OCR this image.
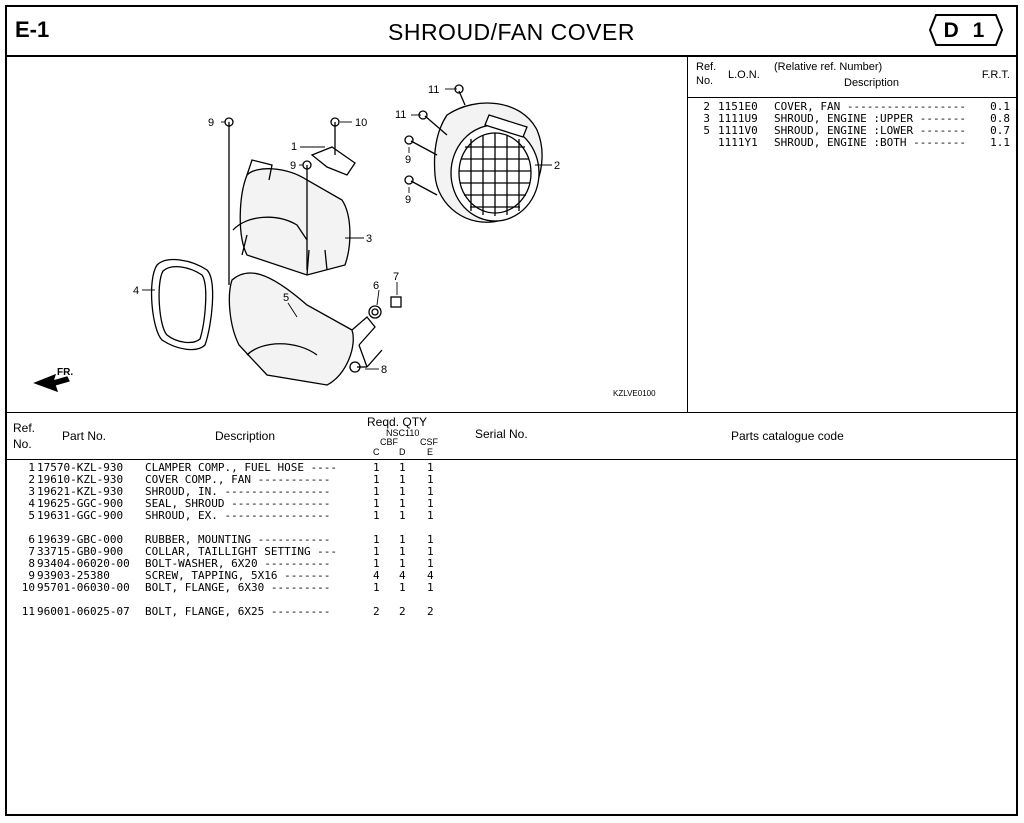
E-1	SHROUD/FAN COVER	D 1
11
11
9	10
1
9	9
9
2
3
4
5
6
7
8
FR.
KZLVE0100
Ref.
No. L.O.N.
(Relative ref. Number)
Description
F.R.T.
2 1151E0 COVER, FAN ------------------ 0.1
3 1111U9 SHROUD, ENGINE :UPPER ------- 0.8
5 1111V0 SHROUD, ENGINE :LOWER ------- 0.7
1111Y1 SHROUD, ENGINE :BOTH -------- 1.1
Ref.
No.
Part No.	Description
Reqd. QTY
NSC110
CBF CSF
C D E
Serial No.	Parts catalogue code
1 17570-KZL-930 CLAMPER COMP., FUEL HOSE ----	1 1 1
2 19610-KZL-930 COVER COMP., FAN -----------	1 1 1
3 19621-KZL-930 SHROUD, IN. ----------------	1 1 1
4 19625-GGC-900 SEAL, SHROUD ---------------	1 1 1
5 19631-GGC-900 SHROUD, EX. ----------------	1 1 1
6 19639-GBC-000 RUBBER, MOUNTING -----------	1 1 1
7 33715-GB0-900 COLLAR, TAILLIGHT SETTING ---	1 1 1
8 93404-06020-00 BOLT-WASHER, 6X20 ----------	1 1 1
9 93903-25380	SCREW, TAPPING, 5X16 -------	4 4 4
10 95701-06030-00 BOLT, FLANGE, 6X30 ---------	1 1 1
11 96001-06025-07 BOLT, FLANGE, 6X25 ---------	2 2 2
